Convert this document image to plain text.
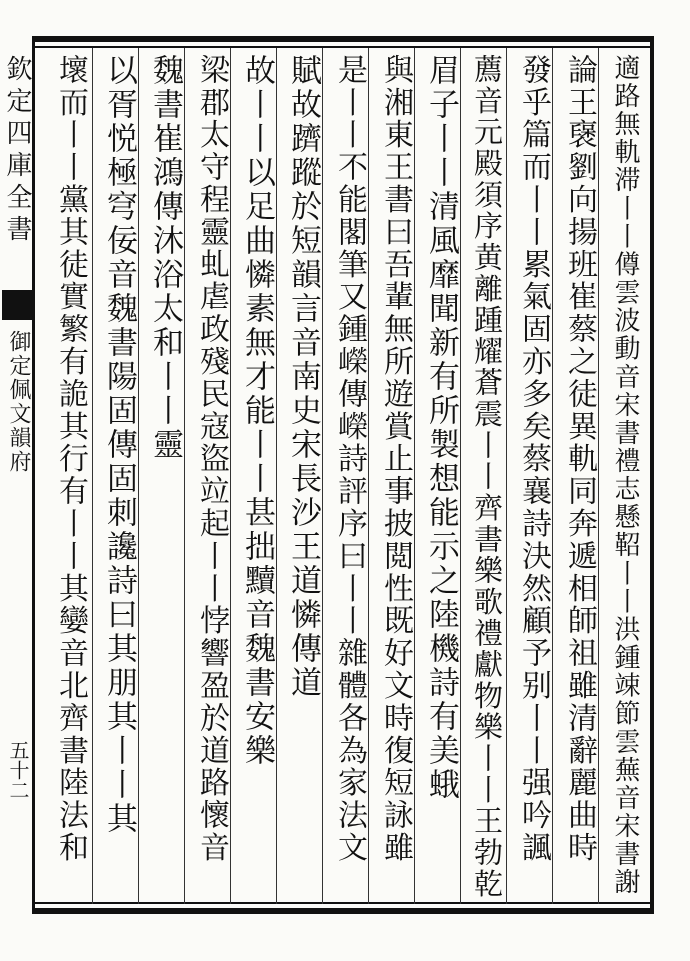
欽定四庫全書
御定佩文韻府
五十二	適路無軌滞丨丨僔雲波動音宋書禮志懸鞀丨丨洪鍾竦節雲蕪音宋書謝
論王襃劉向揚班崔蔡之徒異軌同奔遞相師祖雖清辭麗曲時
發乎篇而丨丨累氣固亦多矣蔡襄詩決然顧予别丨丨强吟諷
薦音元殿須序黄離踵耀蒼震丨丨齊書樂歌禮獻物樂丨丨王勃乾
眉子丨丨清風靡聞新有所製想能示之陸機詩有美蛾
與湘東王書曰吾輩無所遊賞止事披閲性既好文時復短詠雖
是丨丨不能閣筆又鍾嶸傳嶸詩評序曰丨丨雜體各為家法文
賦故躋蹤於短韻言音南史宋長沙王道憐傳道
故丨丨以足曲憐素無才能丨丨甚拙黷音魏書安樂
梁郡太守程靈虬虐政殘民寇盜竝起丨丨悖響盈於道路懷音
魏書崔鴻傳沐浴太和丨丨靈
以胥悦極穹佞音魏書陽固傳固刺讒詩曰其朋其丨丨其
壞而丨丨黨其徒實繁有詭其行有丨丨其孌音北齊書陸法和
